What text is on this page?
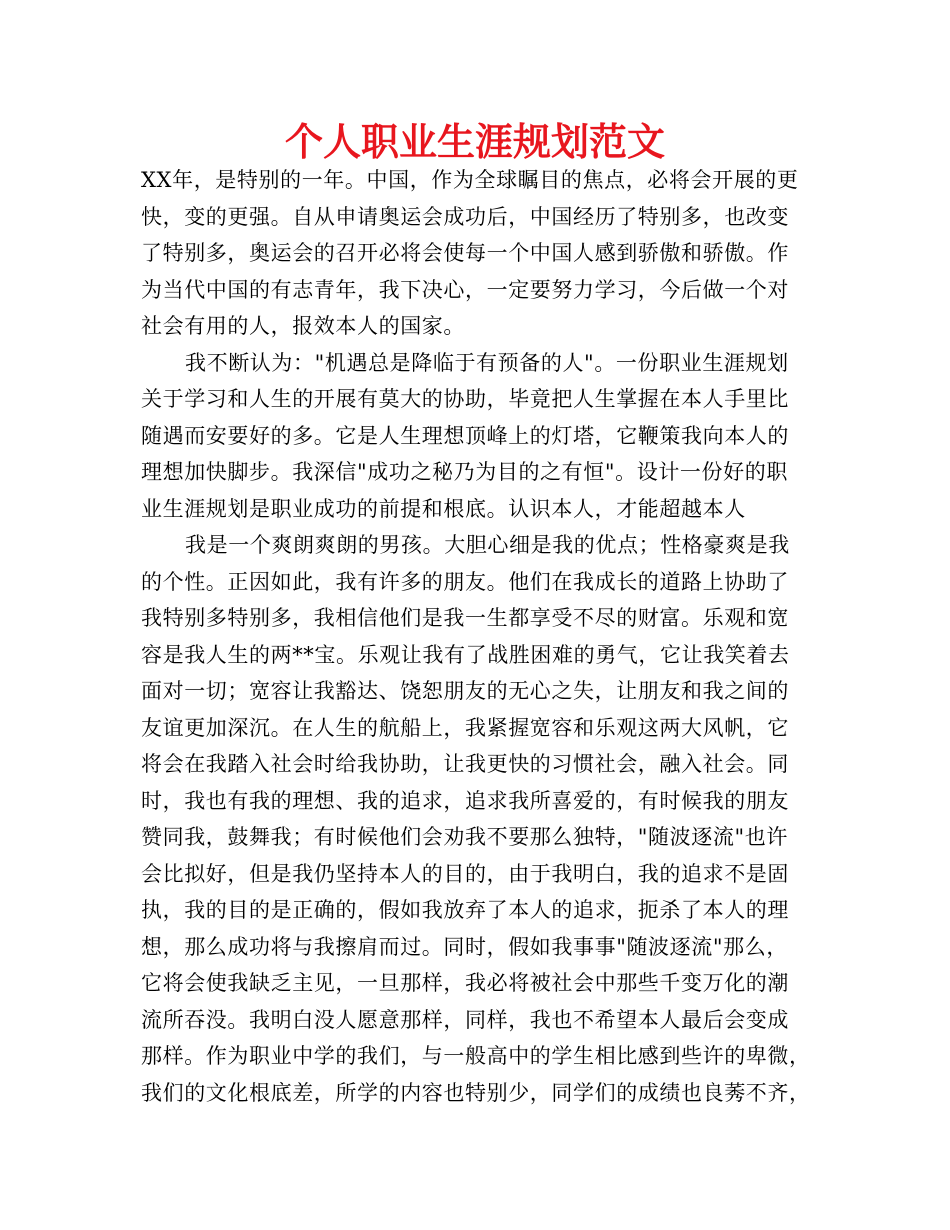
个人职业生涯规划范文

XX年，是特别的一年。中国，作为全球瞩目的焦点，必将会开展的更

快，变的更强。自从申请奥运会成功后，中国经历了特别多，也改变

了特别多，奥运会的召开必将会使每一个中国人感到骄傲和骄傲。作

为当代中国的有志青年，我下决心，一定要努力学习，今后做一个对

社会有用的人，报效本人的国家。

我不断认为："机遇总是降临于有预备的人"。一份职业生涯规划

关于学习和人生的开展有莫大的协助，毕竟把人生掌握在本人手里比

随遇而安要好的多。它是人生理想顶峰上的灯塔，它鞭策我向本人的

理想加快脚步。我深信"成功之秘乃为目的之有恒"。设计一份好的职

业生涯规划是职业成功的前提和根底。认识本人，才能超越本人

我是一个爽朗爽朗的男孩。大胆心细是我的优点；性格豪爽是我

的个性。正因如此，我有许多的朋友。他们在我成长的道路上协助了

我特别多特别多，我相信他们是我一生都享受不尽的财富。乐观和宽

容是我人生的两**宝。乐观让我有了战胜困难的勇气，它让我笑着去

面对一切；宽容让我豁达、饶恕朋友的无心之失，让朋友和我之间的

友谊更加深沉。在人生的航船上，我紧握宽容和乐观这两大风帆，它

将会在我踏入社会时给我协助，让我更快的习惯社会，融入社会。同

时，我也有我的理想、我的追求，追求我所喜爱的，有时候我的朋友

赞同我，鼓舞我；有时候他们会劝我不要那么独特，"随波逐流"也许

会比拟好，但是我仍坚持本人的目的，由于我明白，我的追求不是固

执，我的目的是正确的，假如我放弃了本人的追求，扼杀了本人的理

想，那么成功将与我擦肩而过。同时，假如我事事"随波逐流"那么，

它将会使我缺乏主见，一旦那样，我必将被社会中那些千变万化的潮

流所吞没。我明白没人愿意那样，同样，我也不希望本人最后会变成

那样。作为职业中学的我们，与一般高中的学生相比感到些许的卑微，

我们的文化根底差，所学的内容也特别少，同学们的成绩也良莠不齐，
